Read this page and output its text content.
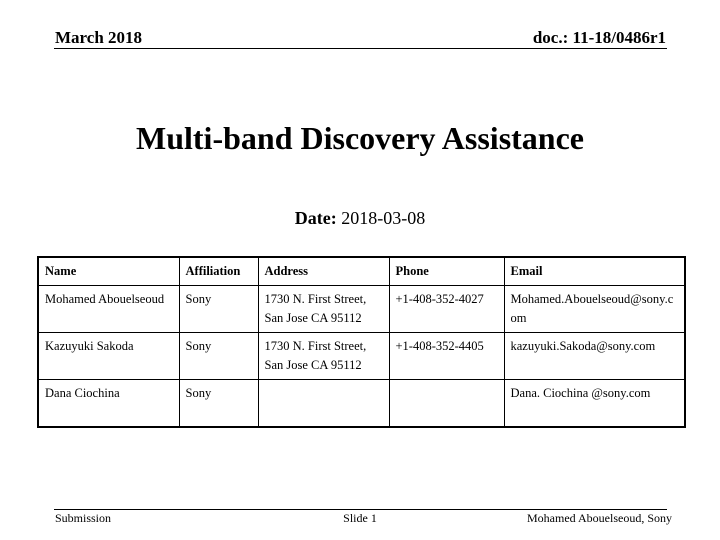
March 2018	doc.: 11-18/0486r1
Multi-band Discovery Assistance
Date: 2018-03-08
Name	Affiliation	Address	Phone	Email
Mohamed Abouelseoud	Sony	1730 N. First Street, San Jose CA 95112	+1-408-352-4027	Mohamed.Abouelseoud@sony.com
Kazuyuki Sakoda	Sony	1730 N. First Street, San Jose CA 95112	+1-408-352-4405	kazuyuki.Sakoda@sony.com
Dana Ciochina	Sony			Dana. Ciochina @sony.com
Submission	Slide 1	Mohamed Abouelseoud, Sony
